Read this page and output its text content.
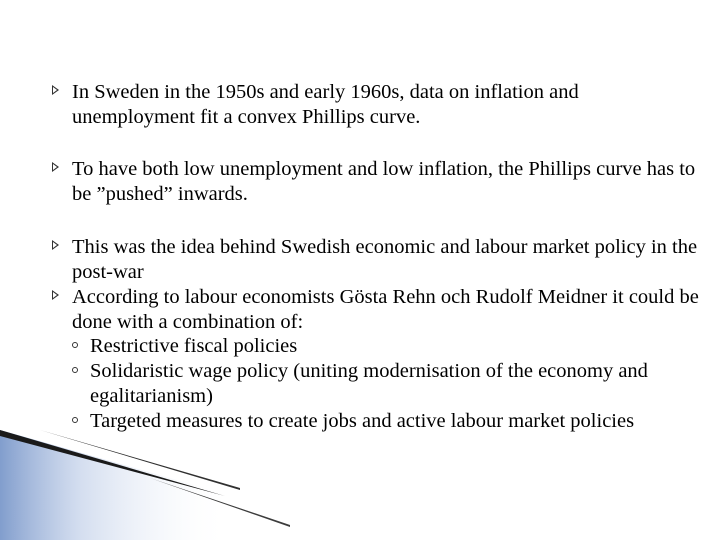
In Sweden in the 1950s and early 1960s, data on inflation and unemployment fit a convex Phillips curve.
To have both low unemployment and low inflation, the Phillips curve has to be ”pushed” inwards.
This was the idea behind Swedish economic and labour market policy in the post-war
According to labour economists Gösta Rehn och Rudolf Meidner it could be done with a combination of:
Restrictive fiscal policies
Solidaristic wage policy (uniting modernisation of the economy and egalitarianism)
Targeted measures to create jobs and active labour market policies
